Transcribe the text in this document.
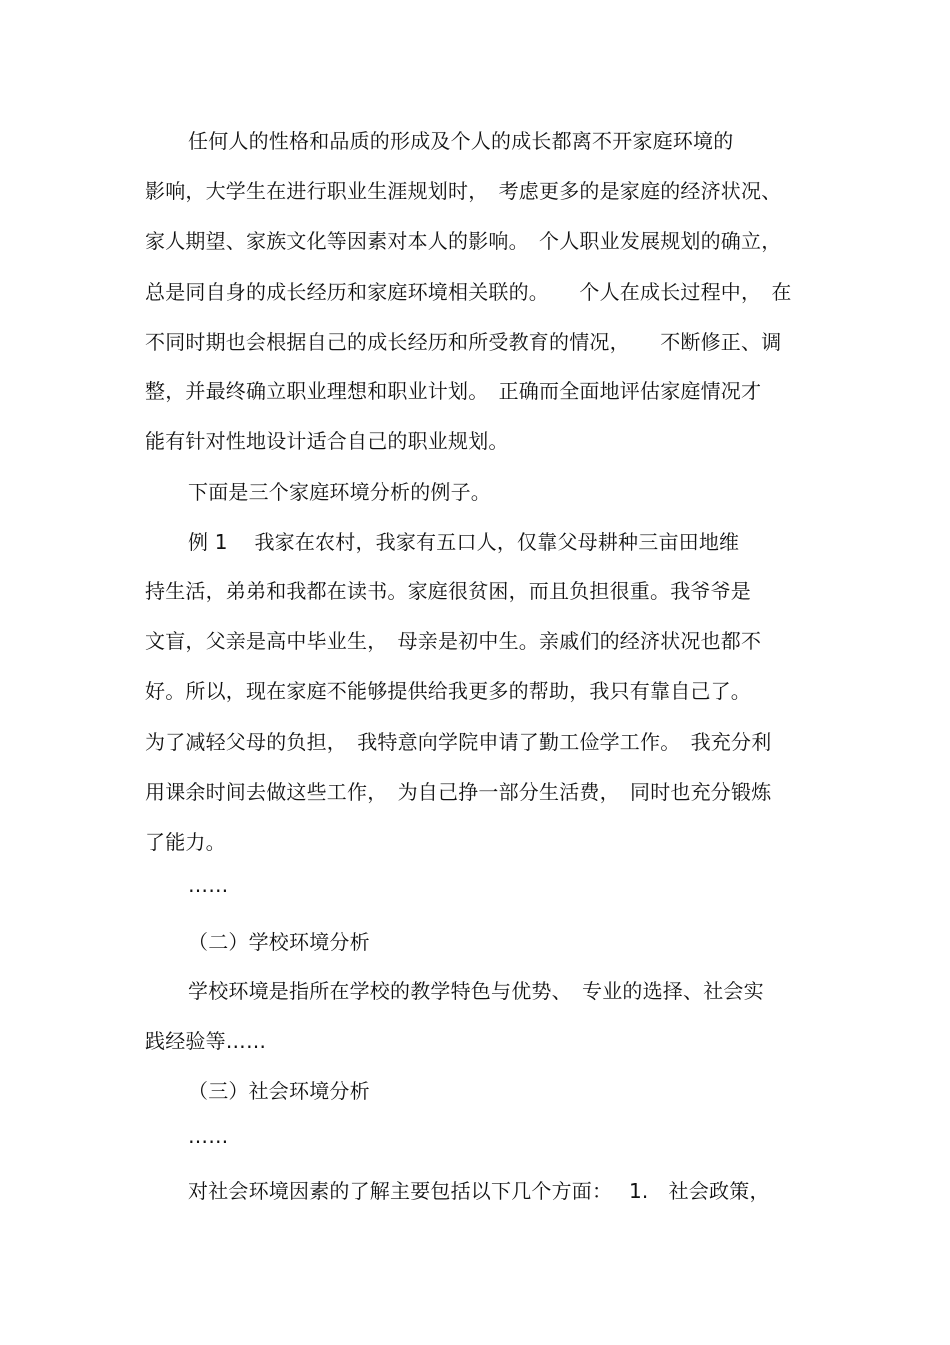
任何人的性格和品质的形成及个人的成长都离不开家庭环境的
影响，大学生在进行职业生涯规划时，　考虑更多的是家庭的经济状况、
家人期望、家族文化等因素对本人的影响。　个人职业发展规划的确立，
总是同自身的成长经历和家庭环境相关联的。　　个人在成长过程中，　在
不同时期也会根据自己的成长经历和所受教育的情况，　　不断修正、调
整，并最终确立职业理想和职业计划。　正确而全面地评估家庭情况才
能有针对性地设计适合自己的职业规划。
下面是三个家庭环境分析的例子。
例 1　 我家在农村，我家有五口人，仅靠父母耕种三亩田地维
持生活，弟弟和我都在读书。家庭很贫困，而且负担很重。我爷爷是
文盲，父亲是高中毕业生，　母亲是初中生。亲戚们的经济状况也都不
好。所以，现在家庭不能够提供给我更多的帮助，我只有靠自己了。
为了减轻父母的负担，　我特意向学院申请了勤工俭学工作。　我充分利
用课余时间去做这些工作，　为自己挣一部分生活费，　同时也充分锻炼
了能力。
……
（二）学校环境分析
学校环境是指所在学校的教学特色与优势、　专业的选择、社会实
践经验等……
（三）社会环境分析
……
对社会环境因素的了解主要包括以下几个方面：　 1.　社会政策，
